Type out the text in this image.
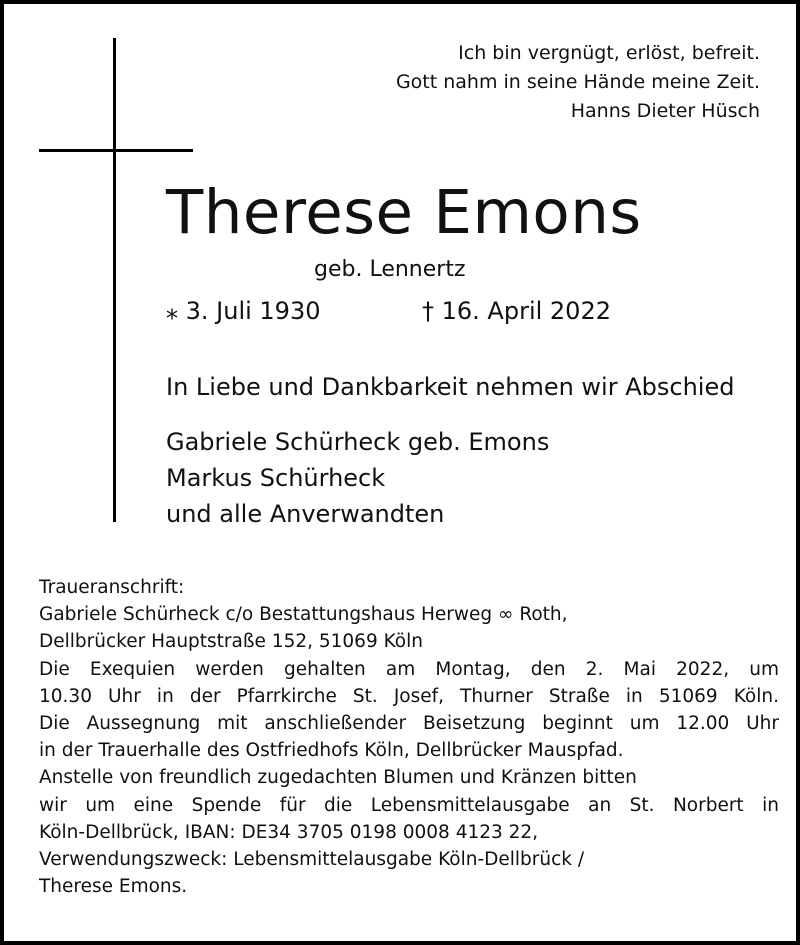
Ich bin vergnügt, erlöst, befreit.
Gott nahm in seine Hände meine Zeit.
Hanns Dieter Hüsch
Therese Emons
geb. Lennertz
⁎ 3. Juli 1930	† 16. April 2022
In Liebe und Dankbarkeit nehmen wir Abschied
Gabriele Schürheck geb. Emons
Markus Schürheck
und alle Anverwandten
Traueranschrift:
Gabriele Schürheck c/o Bestattungshaus Herweg ∞ Roth,
Dellbrücker Hauptstraße 152, 51069 Köln
Die Exequien werden gehalten am Montag, den 2. Mai 2022, um
10.30 Uhr in der Pfarrkirche St. Josef, Thurner Straße in 51069 Köln.
Die Aussegnung mit anschließender Beisetzung beginnt um 12.00 Uhr
in der Trauerhalle des Ostfriedhofs Köln, Dellbrücker Mauspfad.
Anstelle von freundlich zugedachten Blumen und Kränzen bitten
wir um eine Spende für die Lebensmittelausgabe an St. Norbert in
Köln-Dellbrück, IBAN: DE34 3705 0198 0008 4123 22,
Verwendungszweck: Lebensmittelausgabe Köln-Dellbrück /
Therese Emons.
